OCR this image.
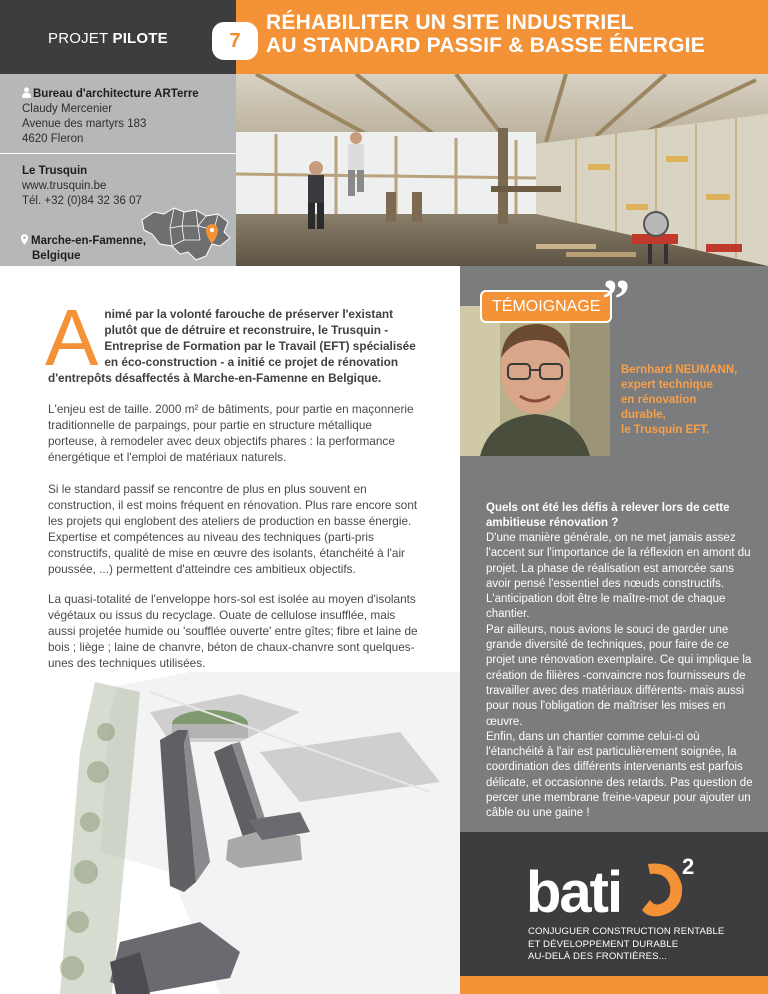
PROJET PILOTE	7
RÉHABILITER UN SITE INDUSTRIEL
AU STANDARD PASSIF & BASSE ÉNERGIE
Bureau d'architecture ARTerre
Claudy Mercenier
Avenue des martyrs 183
4620 Fleron
Le Trusquin
www.trusquin.be
Tél. +32 (0)84 32 36 07
Marche-en-Famenne,
Belgique
Animé par la volonté farouche de préserver l'existant plutôt que de détruire et reconstruire, le Trusquin - Entreprise de Formation par le Travail (EFT) spécialisée en éco-construction - a initié ce projet de rénovation d'entrepôts désaffectés à Marche-en-Famenne en Belgique.
L'enjeu est de taille. 2000 m² de bâtiments, pour partie en maçonnerie traditionnelle de parpaings, pour partie en structure métallique porteuse, à remodeler avec deux objectifs phares : la performance énergétique et l'emploi de matériaux naturels.
Si le standard passif se rencontre de plus en plus souvent en construction, il est moins fréquent en rénovation. Plus rare encore sont les projets qui englobent des ateliers de production en basse énergie. Expertise et compétences au niveau des techniques (parti-pris constructifs, qualité de mise en œuvre des isolants, étanchéité à l'air poussée, ...) permettent d'atteindre ces ambitieux objectifs.
La quasi-totalité de l'enveloppe hors-sol est isolée au moyen d'isolants végétaux ou issus du recyclage. Ouate de cellulose insufflée, mais aussi projetée humide ou 'soufflée ouverte' entre gîtes; fibre et laine de bois ; liège ; laine de chanvre, béton de chaux-chanvre sont quelques-unes des techniques utilisées.
TÉMOIGNAGE ”
Bernhard NEUMANN,
expert technique
en rénovation
durable,
le Trusquin EFT.
Quels ont été les défis à relever lors de cette ambitieuse rénovation ?
D'une manière générale, on ne met jamais assez l'accent sur l'importance de la réflexion en amont du projet. La phase de réalisation est amorcée sans avoir pensé l'essentiel des nœuds constructifs. L'anticipation doit être le maître-mot de chaque chantier.
Par ailleurs, nous avions le souci de garder une grande diversité de techniques, pour faire de ce projet une rénovation exemplaire. Ce qui implique la création de filières -convaincre nos fournisseurs de travailler avec des matériaux différents- mais aussi pour nous l'obligation de maîtriser les mises en œuvre.
Enfin, dans un chantier comme celui-ci où l'étanchéité à l'air est particulièrement soignée, la coordination des différents intervenants est parfois délicate, et occasionne des retards. Pas question de percer une membrane freine-vapeur pour ajouter un câble ou une gaine !
bati	2
CONJUGUER CONSTRUCTION RENTABLE
ET DÉVELOPPEMENT DURABLE
AU-DELÀ DES FRONTIÈRES...
